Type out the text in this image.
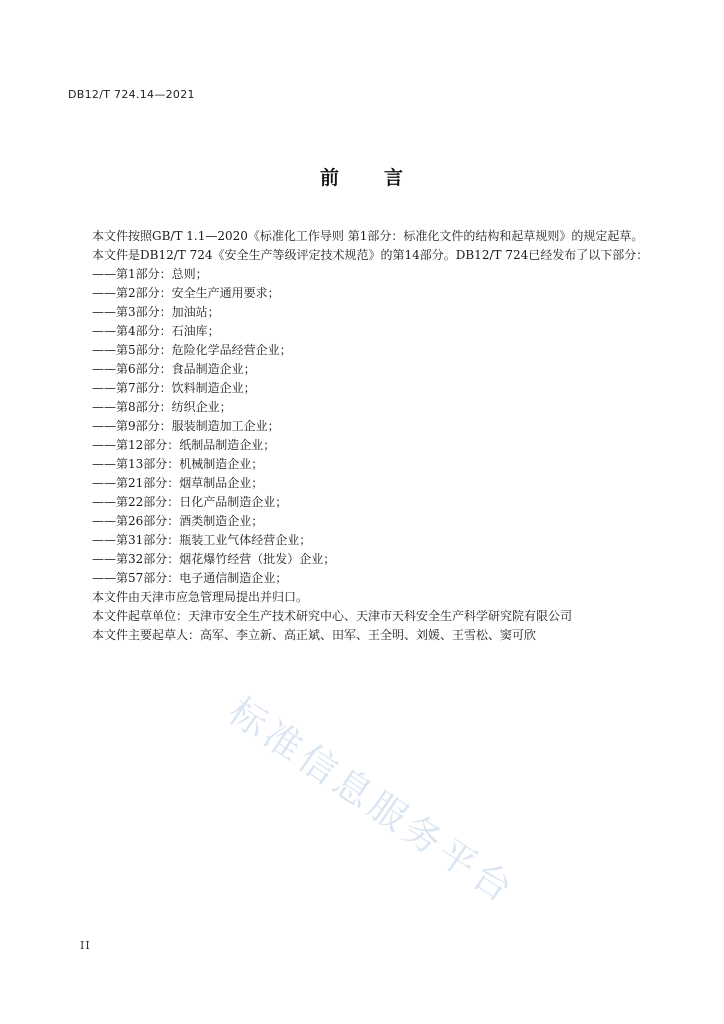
DB12/T 724.14—2021
前 言

本文件按照GB/T 1.1—2020《标准化工作导则 第1部分：标准化文件的结构和起草规则》的规定起草。

本文件是DB12/T 724《安全生产等级评定技术规范》的第14部分。DB12/T 724已经发布了以下部分：

——第1部分：总则；
——第2部分：安全生产通用要求；
——第3部分：加油站；
——第4部分：石油库；
——第5部分：危险化学品经营企业；
——第6部分：食品制造企业；
——第7部分：饮料制造企业；
——第8部分：纺织企业；
——第9部分：服装制造加工企业；
——第12部分：纸制品制造企业；
——第13部分：机械制造企业；
——第21部分：烟草制品企业；
——第22部分：日化产品制造企业；
——第26部分：酒类制造企业；
——第31部分：瓶装工业气体经营企业；
——第32部分：烟花爆竹经营（批发）企业；
——第57部分：电子通信制造企业；

本文件由天津市应急管理局提出并归口。

本文件起草单位：天津市安全生产技术研究中心、天津市天科安全生产科学研究院有限公司

本文件主要起草人：高军、李立新、高正斌、田军、王全明、刘媛、王雪松、窦可欣

标准信息服务平台
II
